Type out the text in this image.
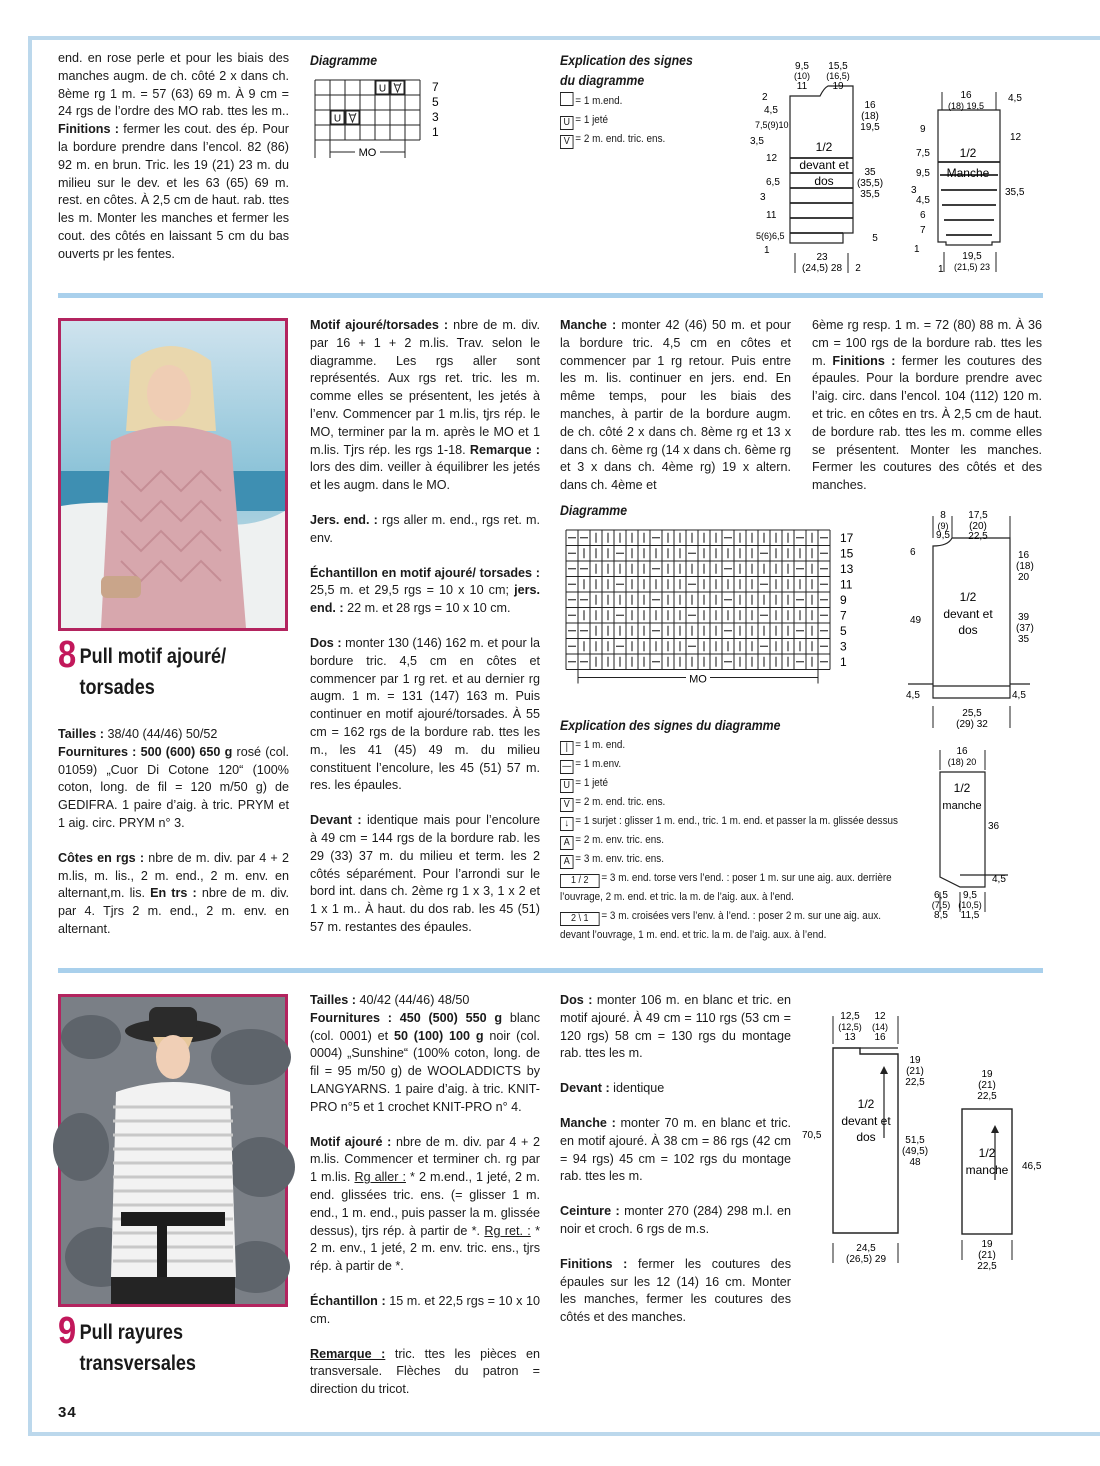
end. en rose perle et pour les biais des manches augm. de ch. côté 2 x dans ch. 8ème rg 1 m. = 57 (63) 69 m. À 9 cm = 24 rgs de l’ordre des MO rab. ttes les m.. Finitions : fermer les cout. des ép. Pour la bordure prendre dans l’encol. 82 (86) 92 m. en brun. Tric. les 19 (21) 23 m. du milieu sur le dev. et les 63 (65) 69 m. rest. en côtes. À 2,5 cm de haut. rab. ttes les m. Monter les manches et fermer les cout. des côtés en laissant 5 cm du bas ouverts pr les fentes.
Diagramme
U
U
MO
7
5
3
1
Explication des signes du diagramme
= 1 m.end.
U = 1 jeté
V = 2 m. end. tric. ens.
9,5
(10)
11
15,5
(16,5)
19
2
4,5
7,5(9)10
3,5
12
6,5
3
11
5(6)6,5
1
16
(18)
19,5
35
(35,5)
35,5
5
1/2
devant et
dos
23
(24,5) 28 2
16
(18) 19,5
4,5
9
7,5
9,5
3
4,5
6
7
1
12
35,5
1/2
Manche
19,5
(21,5) 23
1
8 Pull motif ajouré/
torsades

Tailles : 38/40 (44/46) 50/52
Fournitures : 500 (600) 650 g rosé (col. 01059) „Cuor Di Cotone 120“ (100% coton, long. de fil = 120 m/50 g) de GEDIFRA. 1 paire d’aig. à tric. PRYM et 1 aig. circ. PRYM n° 3.

Côtes en rgs : nbre de m. div. par 4 + 2 m.lis, m. lis., 2 m. end., 2 m. env. en alternant,m. lis. En trs : nbre de m. div. par 4. Tjrs 2 m. end., 2 m. env. en alternant.

Motif ajouré/torsades : nbre de m. div. par 16 + 1 + 2 m.lis. Trav. selon le diagramme. Les rgs aller sont représentés. Aux rgs ret. tric. les m. comme elles se présentent, les jetés à l’env. Commencer par 1 m.lis, tjrs rép. le MO, terminer par la m. après le MO et 1 m.lis. Tjrs rép. les rgs 1-18. Remarque : lors des dim. veiller à équilibrer les jetés et les augm. dans le MO.

Jers. end. : rgs aller m. end., rgs ret. m. env.

Échantillon en motif ajouré/ torsades : 25,5 m. et 29,5 rgs = 10 x 10 cm; jers. end. : 22 m. et 28 rgs = 10 x 10 cm.

Dos : monter 130 (146) 162 m. et pour la bordure tric. 4,5 cm en côtes et commencer par 1 rg ret. et au dernier rg augm. 1 m. = 131 (147) 163 m. Puis continuer en motif ajouré/torsades. À 55 cm = 162 rgs de la bordure rab. ttes les m., les 41 (45) 49 m. du milieu constituent l’encolure, les 45 (51) 57 m. res. les épaules.

Devant : identique mais pour l’encolure à 49 cm = 144 rgs de la bordure rab. les 29 (33) 37 m. du milieu et term. les 2 côtés séparément. Pour l’arrondi sur le bord int. dans ch. 2ème rg 1 x 3, 1 x 2 et 1 x 1 m.. À haut. du dos rab. les 45 (51) 57 m. restantes des épaules.

Manche : monter 42 (46) 50 m. et pour la bordure tric. 4,5 cm en côtes et commencer par 1 rg retour. Puis entre les m. lis. continuer en jers. end. En même temps, pour les biais des manches, à partir de la bordure augm. de ch. côté 2 x dans ch. 8ème rg et 13 x dans ch. 6ème rg (14 x dans ch. 6ème rg et 3 x dans ch. 4ème rg) 19 x altern. dans ch. 4ème et

6ème rg resp. 1 m. = 72 (80) 88 m. À 36 cm = 100 rgs de la bordure rab. ttes les m. Finitions : fermer les coutures des épaules. Pour la bordure prendre avec l’aig. circ. dans l’encol. 104 (112) 120 m. et tric. en côtes en trs. À 2,5 cm de haut. de bordure rab. ttes les m. comme elles se présentent. Monter les manches. Fermer les coutures des côtés et des manches.

Diagramme
17
15
13
11
9
7
5
3
1
MO
Explication des signes du diagramme
| = 1 m. end.
— = 1 m.env.
U = 1 jeté
V = 2 m. end. tric. ens.
↓ = 1 surjet : glisser 1 m. end., tric. 1 m. end. et passer la m. glissée dessus
A = 2 m. env. tric. ens.
A = 3 m. env. tric. ens.
1 / 2 = 3 m. end. torse vers l’end. : poser 1 m. sur une aig. aux. derrière l’ouvrage, 2 m. end. et tric. la m. de l’aig. aux. à l’end.
2 \ 1 = 3 m. croisées vers l’env. à l’end. : poser 2 m. sur une aig. aux. devant l’ouvrage, 1 m. end. et tric. la m. de l’aig. aux. à l’end.
8
(9)
9,5
17,5
(20)
22,5
6
49
4,5
16
(18)
20
39
(37)
35
4,5
1/2
devant et
dos
25,5
(29) 32
16
(18) 20
36
4,5
1/2
manche
6,5
(7,5)
8,5
9,5
(10,5)
11,5
9 Pull rayures
transversales

Tailles : 40/42 (44/46) 48/50
Fournitures : 450 (500) 550 g blanc (col. 0001) et 50 (100) 100 g noir (col. 0004) „Sunshine“ (100% coton, long. de fil = 95 m/50 g) de WOOLADDICTS by LANGYARNS. 1 paire d’aig. à tric. KNIT-PRO n°5 et 1 crochet KNIT-PRO n° 4.

Motif ajouré : nbre de m. div. par 4 + 2 m.lis. Commencer et terminer ch. rg par 1 m.lis. Rg aller : * 2 m.end., 1 jeté, 2 m. end. glissées tric. ens. (= glisser 1 m. end., 1 m. end., puis passer la m. glissée dessus), tjrs rép. à partir de *. Rg ret. : * 2 m. env., 1 jeté, 2 m. env. tric. ens., tjrs rép. à partir de *.

Échantillon : 15 m. et 22,5 rgs = 10 x 10 cm.

Remarque : tric. ttes les pièces en transversale. Flèches du patron = direction du tricot.

Dos : monter 106 m. en blanc et tric. en motif ajouré. À 49 cm = 110 rgs (53 cm = 120 rgs) 58 cm = 130 rgs du montage rab. ttes les m.

Devant : identique

Manche : monter 70 m. en blanc et tric. en motif ajouré. À 38 cm = 86 rgs (42 cm = 94 rgs) 45 cm = 102 rgs du montage rab. ttes les m.

Ceinture : monter 270 (284) 298 m.l. en noir et croch. 6 rgs de m.s.

Finitions : fermer les coutures des épaules sur les 12 (14) 16 cm. Monter les manches, fermer les coutures des côtés et des manches.

12,5
(12,5)
13
12
(14)
16
19
(21)
22,5
70,5	51,5
(49,5)
48
1/2
devant et
dos
24,5
(26,5) 29
19
(21)
22,5
46,5
1/2
manche
19
(21)
22,5
34
